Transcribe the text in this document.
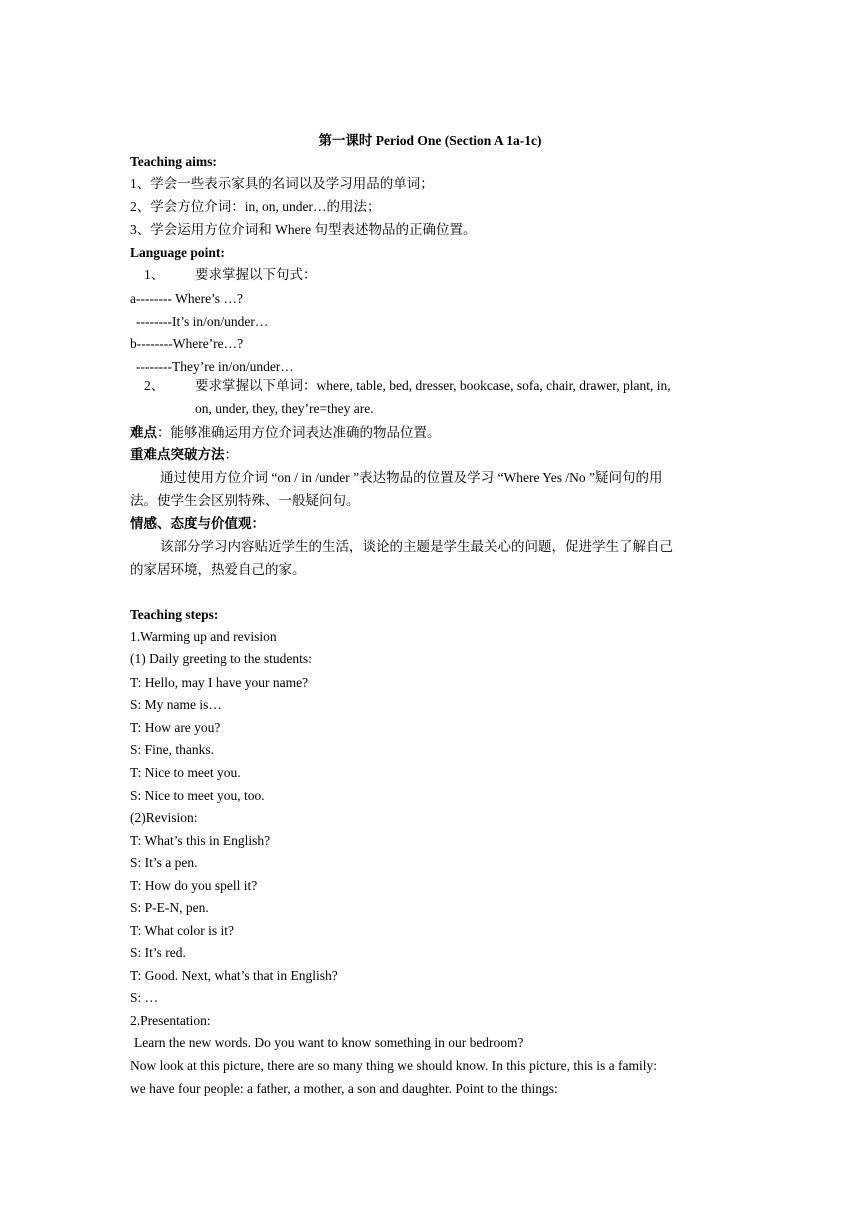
第一课时 Period One (Section A 1a-1c)
Teaching aims:
1、学会一些表示家具的名词以及学习用品的单词；
2、学会方位介词：in, on, under…的用法；
3、学会运用方位介词和 Where 句型表述物品的正确位置。
Language point:
1、 要求掌握以下句式：
a-------- Where’s …?
--------It’s in/on/under…
b--------Where’re…?
--------They’re in/on/under…
2、 要求掌握以下单词：where, table, bed, dresser, bookcase, sofa, chair, drawer, plant, in,
on, under, they, they’re=they are.
难点：能够准确运用方位介词表达准确的物品位置。
重难点突破方法：
通过使用方位介词 “on / in /under ”表达物品的位置及学习 “Where Yes /No ”疑问句的用
法。使学生会区别特殊、一般疑问句。
情感、态度与价值观：
该部分学习内容贴近学生的生活，谈论的主题是学生最关心的问题，促进学生了解自己
的家居环境，热爱自己的家。
Teaching steps:
1.Warming up and revision
(1) Daily greeting to the students:
T: Hello, may I have your name?
S: My name is…
T: How are you?
S: Fine, thanks.
T: Nice to meet you.
S: Nice to meet you, too.
(2)Revision:
T: What’s this in English?
S: It’s a pen.
T: How do you spell it?
S: P-E-N, pen.
T: What color is it?
S: It’s red.
T: Good. Next, what’s that in English?
S: …
2.Presentation:
Learn the new words. Do you want to know something in our bedroom?
Now look at this picture, there are so many thing we should know. In this picture, this is a family:
we have four people: a father, a mother, a son and daughter. Point to the things:
